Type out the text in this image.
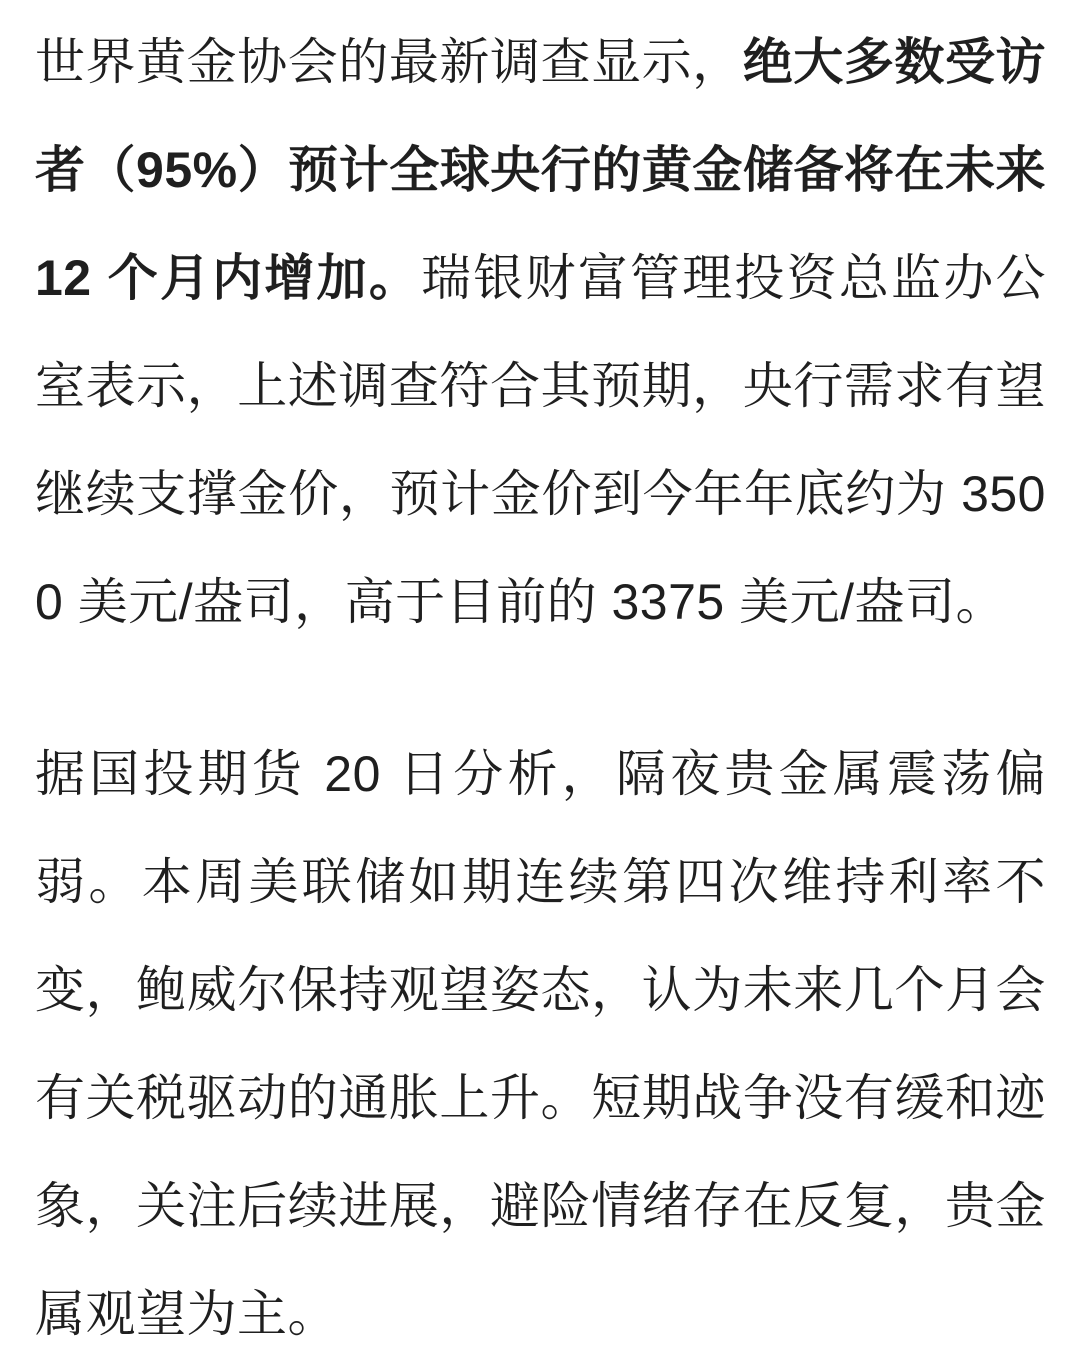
世界黄金协会的最新调查显示，绝大多数受访者（95%）预计全球央行的黄金储备将在未来 12 个月内增加。瑞银财富管理投资总监办公室表示，上述调查符合其预期，央行需求有望继续支撑金价，预计金价到今年年底约为 3500 美元/盎司，高于目前的 3375 美元/盎司。

据国投期货 20 日分析，隔夜贵金属震荡偏弱。本周美联储如期连续第四次维持利率不变，鲍威尔保持观望姿态，认为未来几个月会有关税驱动的通胀上升。短期战争没有缓和迹象，关注后续进展，避险情绪存在反复，贵金属观望为主。
